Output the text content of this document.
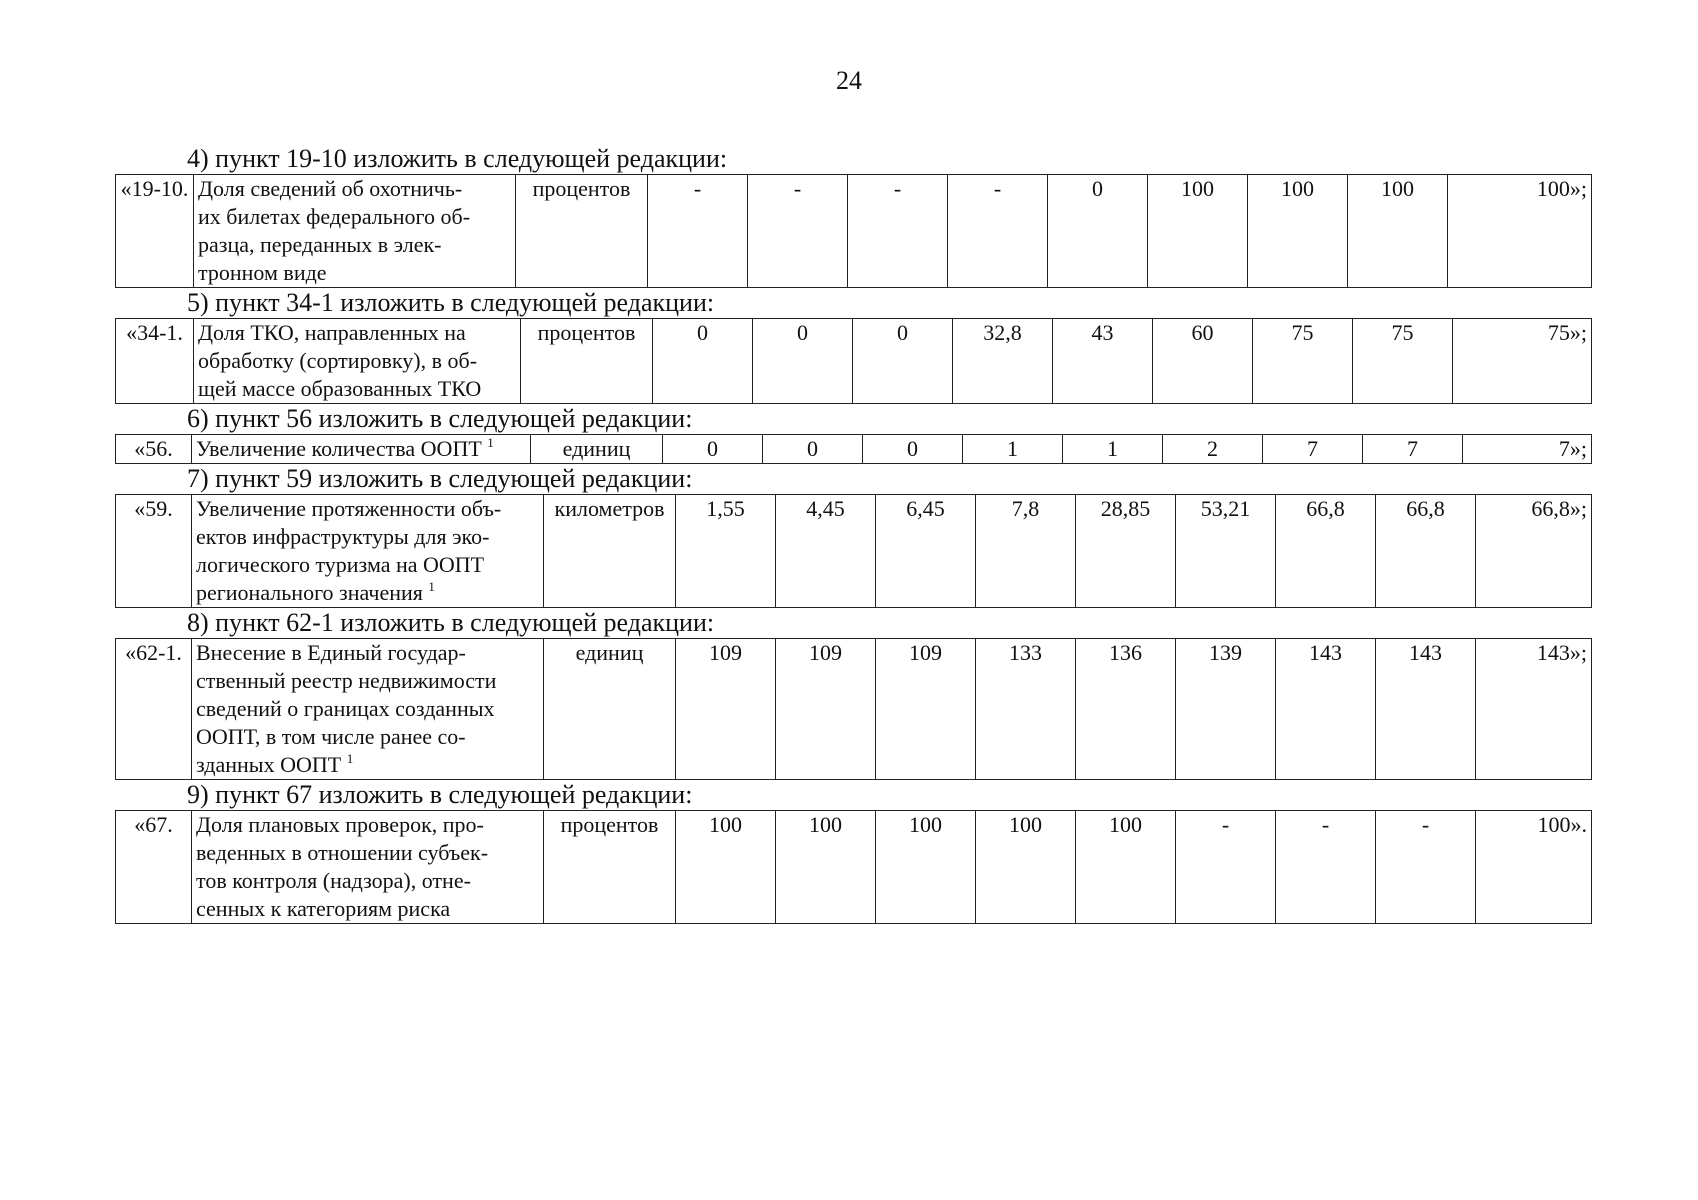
24
4) пункт 19-10 изложить в следующей редакции:
«19-10.	Доля сведений об охотничь-
их билетах федерального об-
разца, переданных в элек-
тронном виде	процентов	-	-	-	-	0	100	100	100	100»;
5) пункт 34-1 изложить в следующей редакции:
«34-1.	Доля ТКО, направленных на
обработку (сортировку), в об-
щей массе образованных ТКО	процентов	0	0	0	32,8	43	60	75	75	75»;
6) пункт 56 изложить в следующей редакции:
«56.	Увеличение количества ООПТ $^1$	единиц	0	0	0	1	1	2	7	7	7»;
7) пункт 59 изложить в следующей редакции:
«59.	Увеличение протяженности объ-
ектов инфраструктуры для эко-
логического туризма на ООПТ
регионального значения $^1$	километров	1,55	4,45	6,45	7,8	28,85	53,21	66,8	66,8	66,8»;
8) пункт 62-1 изложить в следующей редакции:
«62-1.	Внесение в Единый государ-
ственный реестр недвижимости
сведений о границах созданных
ООПТ, в том числе ранее со-
зданных ООПТ $^1$	единиц	109	109	109	133	136	139	143	143	143»;
9) пункт 67 изложить в следующей редакции:
«67.	Доля плановых проверок, про-
веденных в отношении субъек-
тов контроля (надзора), отне-
сенных к категориям риска	процентов	100	100	100	100	100	-	-	-	100».
